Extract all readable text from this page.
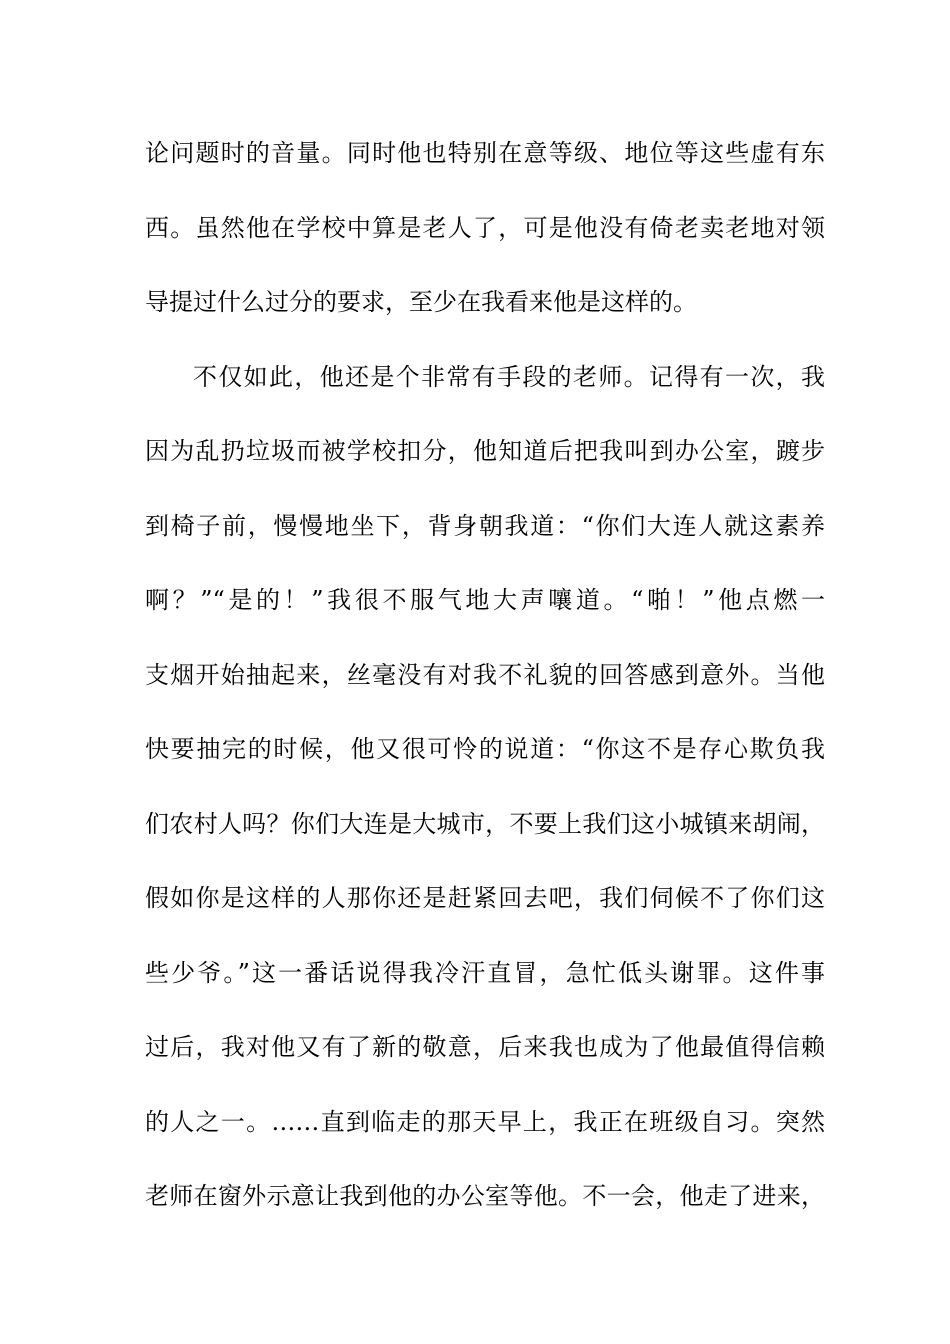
论问题时的音量。同时他也特别在意等级、地位等这些虚有东
西。虽然他在学校中算是老人了，可是他没有倚老卖老地对领
导提过什么过分的要求，至少在我看来他是这样的。
不仅如此，他还是个非常有手段的老师。记得有一次，我
因为乱扔垃圾而被学校扣分，他知道后把我叫到办公室，踱步
到椅子前，慢慢地坐下，背身朝我道：“你们大连人就这素养
啊？”“是的！”我很不服气地大声嚷道。“啪！”他点燃一
支烟开始抽起来，丝毫没有对我不礼貌的回答感到意外。当他
快要抽完的时候，他又很可怜的说道：“你这不是存心欺负我
们农村人吗？你们大连是大城市，不要上我们这小城镇来胡闹，
假如你是这样的人那你还是赶紧回去吧，我们伺候不了你们这
些少爷。”这一番话说得我冷汗直冒，急忙低头谢罪。这件事
过后，我对他又有了新的敬意，后来我也成为了他最值得信赖
的人之一。……直到临走的那天早上，我正在班级自习。突然
老师在窗外示意让我到他的办公室等他。不一会，他走了进来，
